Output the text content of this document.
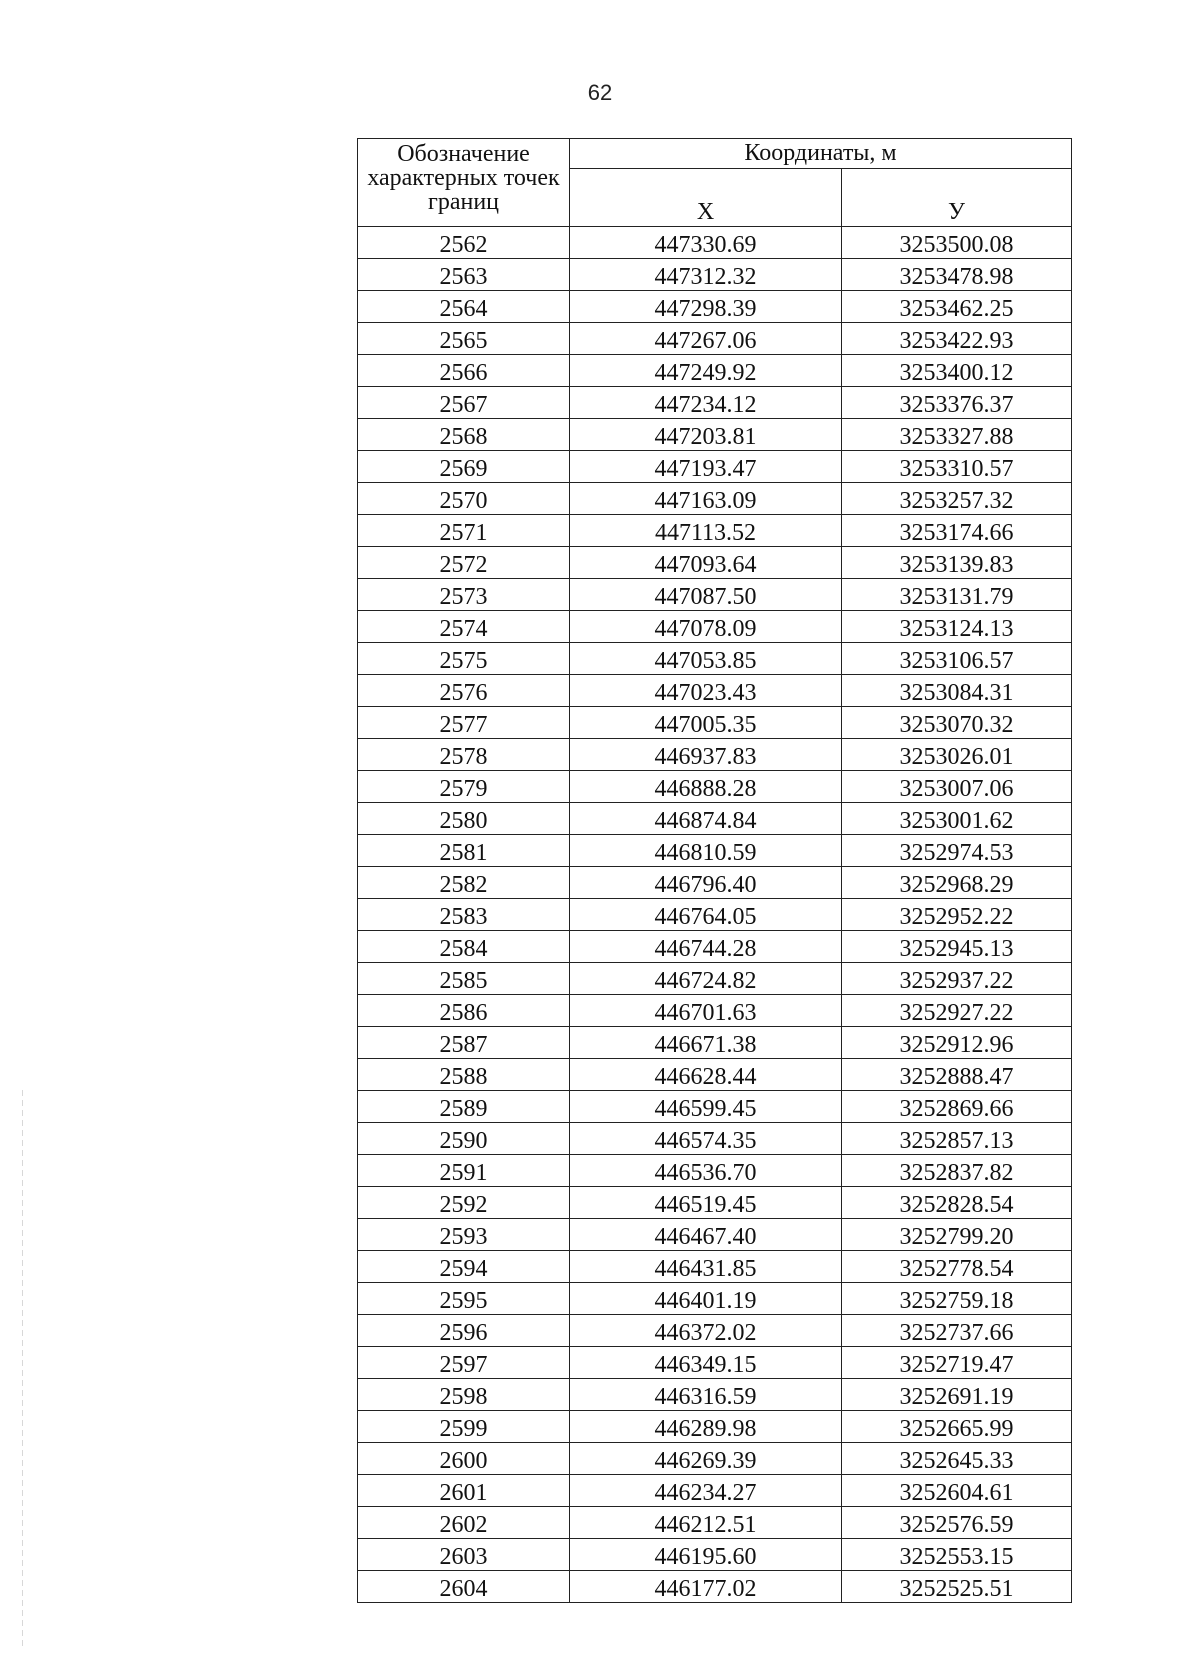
62
Обозначение характерных точек границ	Координаты, м	
	X	У
2562	447330.69	3253500.08
2563	447312.32	3253478.98
2564	447298.39	3253462.25
2565	447267.06	3253422.93
2566	447249.92	3253400.12
2567	447234.12	3253376.37
2568	447203.81	3253327.88
2569	447193.47	3253310.57
2570	447163.09	3253257.32
2571	447113.52	3253174.66
2572	447093.64	3253139.83
2573	447087.50	3253131.79
2574	447078.09	3253124.13
2575	447053.85	3253106.57
2576	447023.43	3253084.31
2577	447005.35	3253070.32
2578	446937.83	3253026.01
2579	446888.28	3253007.06
2580	446874.84	3253001.62
2581	446810.59	3252974.53
2582	446796.40	3252968.29
2583	446764.05	3252952.22
2584	446744.28	3252945.13
2585	446724.82	3252937.22
2586	446701.63	3252927.22
2587	446671.38	3252912.96
2588	446628.44	3252888.47
2589	446599.45	3252869.66
2590	446574.35	3252857.13
2591	446536.70	3252837.82
2592	446519.45	3252828.54
2593	446467.40	3252799.20
2594	446431.85	3252778.54
2595	446401.19	3252759.18
2596	446372.02	3252737.66
2597	446349.15	3252719.47
2598	446316.59	3252691.19
2599	446289.98	3252665.99
2600	446269.39	3252645.33
2601	446234.27	3252604.61
2602	446212.51	3252576.59
2603	446195.60	3252553.15
2604	446177.02	3252525.51
